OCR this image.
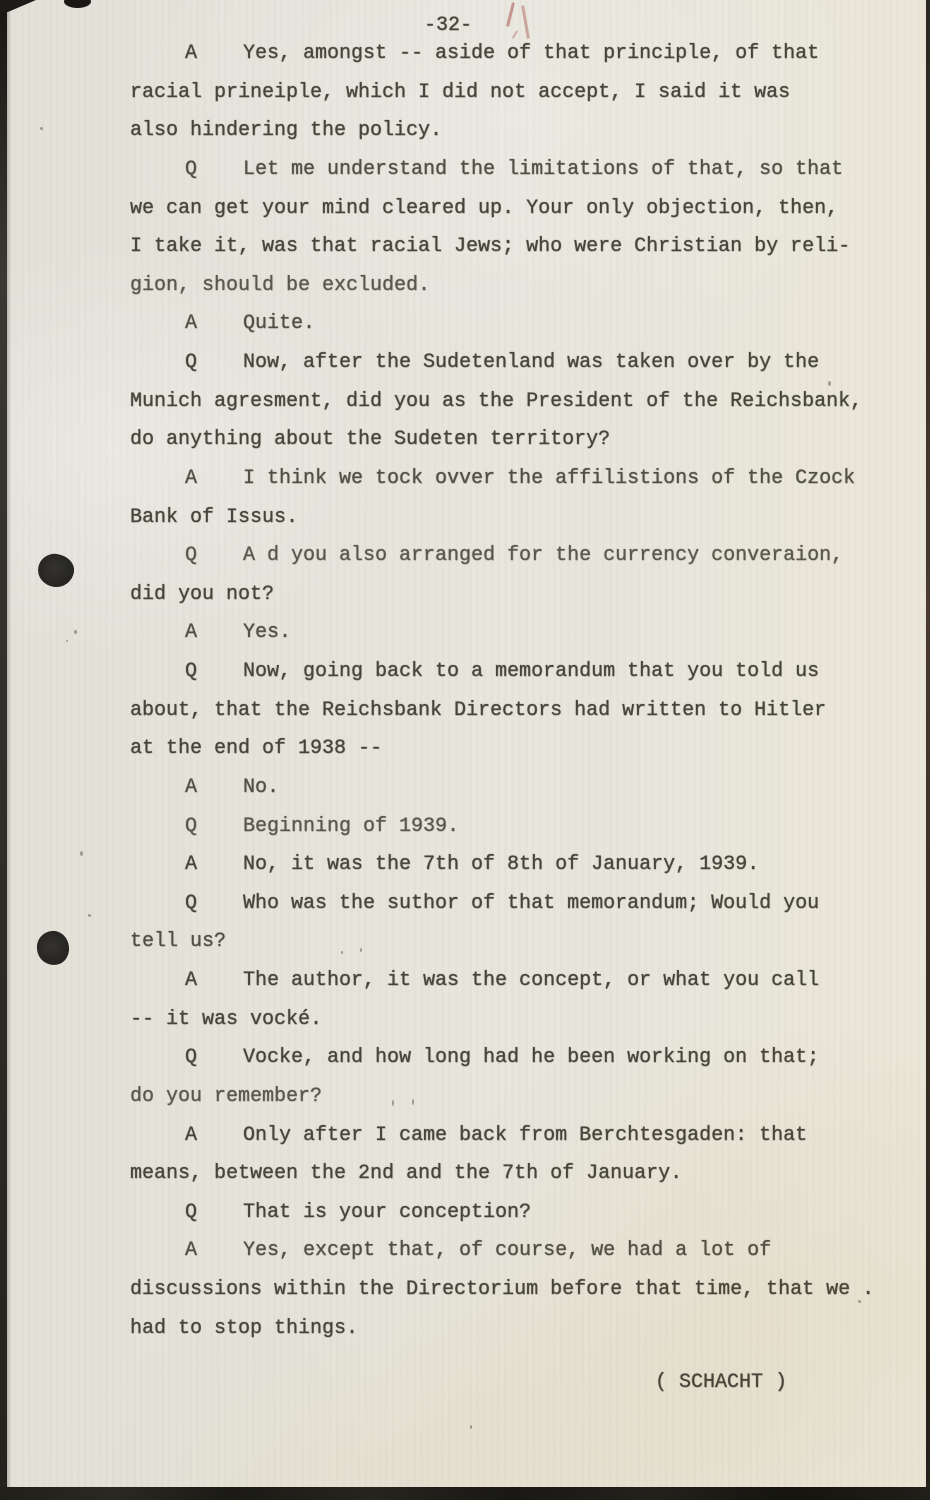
-32-
A Yes, amongst -- aside of that principle, of that
racial prineiple, which I did not accept, I said it was
also hindering the policy.
Q Let me understand the limitations of that, so that
we can get your mind cleared up. Your only objection, then,
I take it, was that racial Jews; who were Christian by reli-
gion, should be excluded.
A Quite.
Q Now, after the Sudetenland was taken over by the
Munich agresment, did you as the President of the Reichsbank,
do anything about the Sudeten territory?
A I think we tock ovver the affilistions of the Czock
Bank of Issus.
Q A d you also arranged for the currency converaion,
did you not?
A Yes.
Q Now, going back to a memorandum that you told us
about, that the Reichsbank Directors had written to Hitler
at the end of 1938 --
A No.
Q Beginning of 1939.
A No, it was the 7th of 8th of January, 1939.
Q Who was the suthor of that memorandum; Would you
tell us?
A The author, it was the concept, or what you call
-- it was vocké.
Q Vocke, and how long had he been working on that;
do you remember?
A Only after I came back from Berchtesgaden: that
means, between the 2nd and the 7th of January.
Q That is your conception?
A Yes, except that, of course, we had a lot of
discussions within the Directorium before that time, that we .
had to stop things.
( SCHACHT )
